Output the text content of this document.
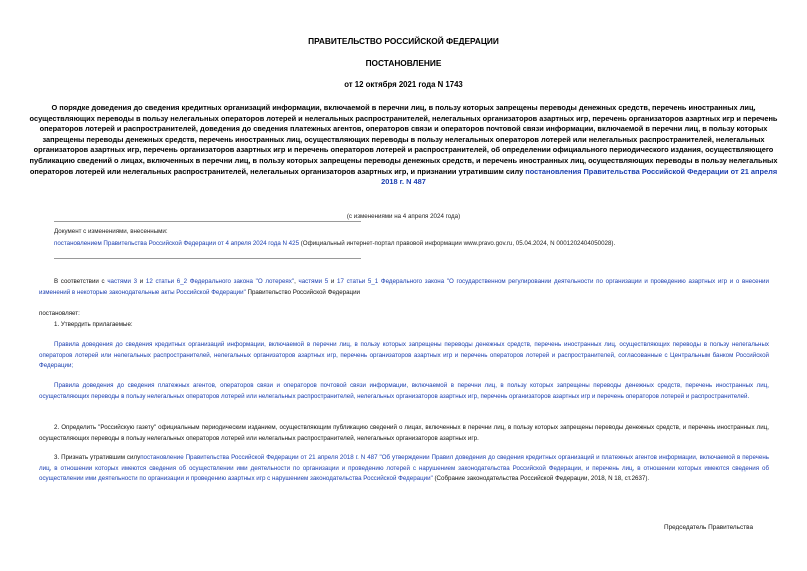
ПРАВИТЕЛЬСТВО РОССИЙСКОЙ ФЕДЕРАЦИИ
ПОСТАНОВЛЕНИЕ
от 12 октября 2021 года N 1743
О порядке доведения до сведения кредитных организаций информации, включаемой в перечни лиц, в пользу которых запрещены переводы денежных средств, перечень иностранных лиц, осуществляющих переводы в пользу нелегальных операторов лотерей и нелегальных распространителей, нелегальных организаторов азартных игр, перечень организаторов азартных игр и перечень операторов лотерей и распространителей, доведения до сведения платежных агентов, операторов связи и операторов почтовой связи информации, включаемой в перечни лиц, в пользу которых запрещены переводы денежных средств, перечень иностранных лиц, осуществляющих переводы в пользу нелегальных операторов лотерей или нелегальных распространителей, нелегальных организаторов азартных игр, перечень организаторов азартных игр и перечень операторов лотерей и распространителей, об определении официального периодического издания, осуществляющего публикацию сведений о лицах, включенных в перечни лиц, в пользу которых запрещены переводы денежных средств, и перечень иностранных лиц, осуществляющих переводы в пользу нелегальных операторов лотерей или нелегальных распространителей, нелегальных организаторов азартных игр, и признании утратившим силу постановления Правительства Российской Федерации от 21 апреля 2018 г. N 487
(с изменениями на 4 апреля 2024 года)
Документ с изменениями, внесенными:
постановлением Правительства Российской Федерации от 4 апреля 2024 года N 425 (Официальный интернет-портал правовой информации www.pravo.gov.ru, 05.04.2024, N 0001202404050028).
В соответствии с частями 3 и 12 статьи 6_2 Федерального закона "О лотереях", частями 5 и 17 статьи 5_1 Федерального закона "О государственном регулировании деятельности по организации и проведению азартных игр и о внесении изменений в некоторые законодательные акты Российской Федерации" Правительство Российской Федерации
постановляет:
1. Утвердить прилагаемые:
Правила доведения до сведения кредитных организаций информации, включаемой в перечни лиц, в пользу которых запрещены переводы денежных средств, перечень иностранных лиц, осуществляющих переводы в пользу нелегальных операторов лотерей или нелегальных распространителей, нелегальных организаторов азартных игр, перечень организаторов азартных игр и перечень операторов лотерей и распространителей, согласованные с Центральным банком Российской Федерации;
Правила доведения до сведения платежных агентов, операторов связи и операторов почтовой связи информации, включаемой в перечни лиц, в пользу которых запрещены переводы денежных средств, перечень иностранных лиц, осуществляющих переводы в пользу нелегальных операторов лотерей или нелегальных распространителей, нелегальных организаторов азартных игр, перечень организаторов азартных игр и перечень операторов лотерей и распространителей.
2. Определить "Российскую газету" официальным периодическим изданием, осуществляющим публикацию сведений о лицах, включенных в перечни лиц, в пользу которых запрещены переводы денежных средств, и перечень иностранных лиц, осуществляющих переводы в пользу нелегальных операторов лотерей или нелегальных распространителей, нелегальных организаторов азартных игр.
3. Признать утратившим силупостановление Правительства Российской Федерации от 21 апреля 2018 г. N 487 "Об утверждении Правил доведения до сведения кредитных организаций и платежных агентов информации, включаемой в перечень лиц, в отношении которых имеются сведения об осуществлении ими деятельности по организации и проведению лотерей с нарушением законодательства Российской Федерации, и перечень лиц, в отношении которых имеются сведения об осуществлении ими деятельности по организации и проведению азартных игр с нарушением законодательства Российской Федерации" (Собрание законодательства Российской Федерации, 2018, N 18, ст.2637).
Председатель Правительства
